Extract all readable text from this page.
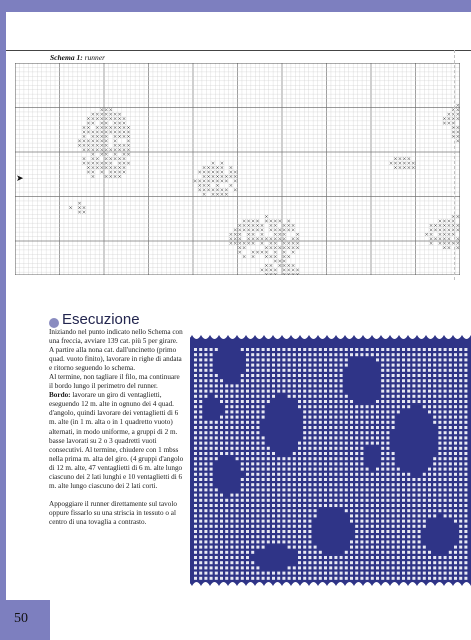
Schema 1: runner
➤
Esecuzione

Iniziando nel punto indicato nello Schema con una freccia, avviare 139 cat. più 5 per girare.

A partire alla nona cat. dall'uncinetto (primo quad. vuoto finito), lavorare in righe di andata e ritorno seguendo lo schema.

Al termine, non tagliare il filo, ma continuare il bordo lungo il perimetro del runner.

Bordo: lavorare un giro di ventaglietti, eseguendo 12 m. alte in ognuno dei 4 quad. d'angolo, quindi lavorare dei ventaglietti di 6 m. alte (in 1 m. alta o in 1 quadretto vuoto) alternati, in modo uniforme, a gruppi di 2 m. basse lavorati su 2 o 3 quadretti vuoti consecutivi. Al termine, chiudere con 1 mbss nella prima m. alta del giro. (4 gruppi d'angolo di 12 m. alte, 47 ventaglietti di 6 m. alte lungo ciascuno dei 2 lati lunghi e 10 ventaglietti di 6 m. alte lungo ciascuno dei 2 lati corti.

Appoggiare il runner direttamente sul tavolo oppure fissarlo su una striscia in tessuto o al centro di una tovaglia a contrasto.

50
